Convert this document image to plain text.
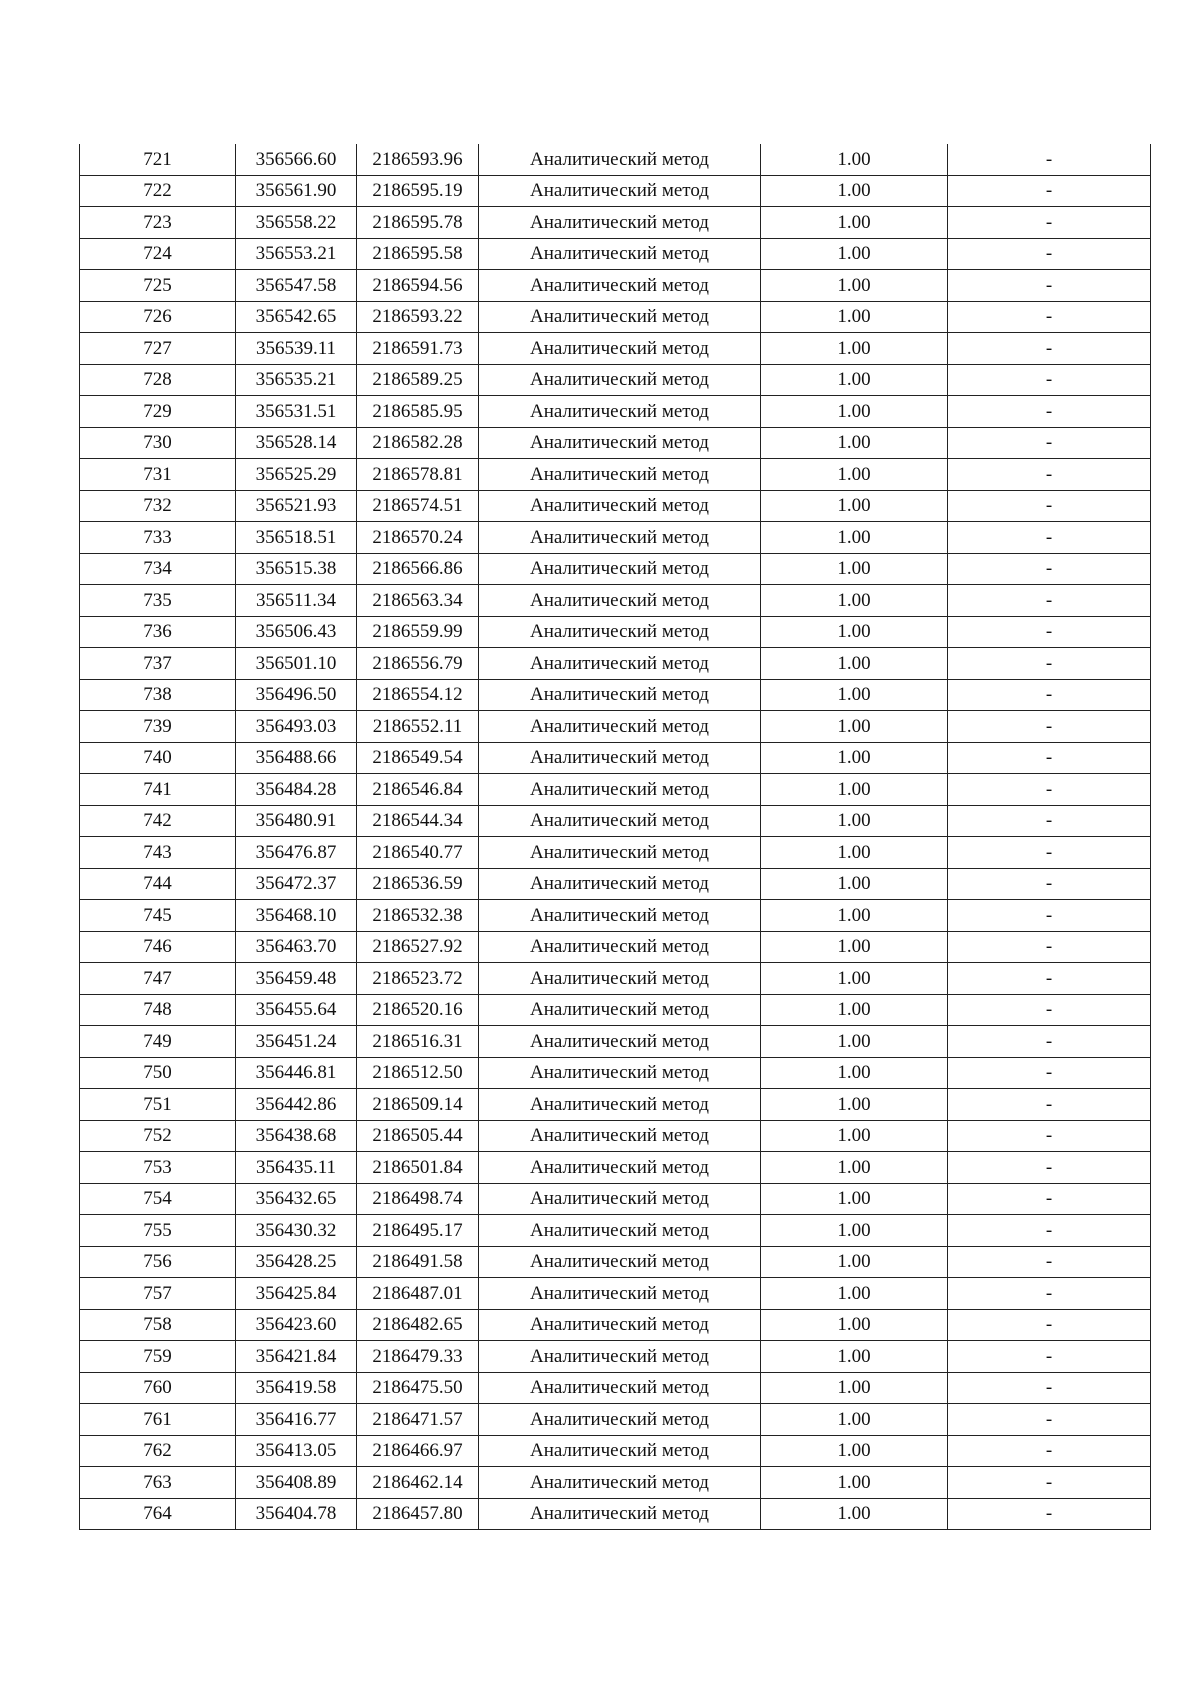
721	356566.60	2186593.96	Аналитический метод	1.00	-
722	356561.90	2186595.19	Аналитический метод	1.00	-
723	356558.22	2186595.78	Аналитический метод	1.00	-
724	356553.21	2186595.58	Аналитический метод	1.00	-
725	356547.58	2186594.56	Аналитический метод	1.00	-
726	356542.65	2186593.22	Аналитический метод	1.00	-
727	356539.11	2186591.73	Аналитический метод	1.00	-
728	356535.21	2186589.25	Аналитический метод	1.00	-
729	356531.51	2186585.95	Аналитический метод	1.00	-
730	356528.14	2186582.28	Аналитический метод	1.00	-
731	356525.29	2186578.81	Аналитический метод	1.00	-
732	356521.93	2186574.51	Аналитический метод	1.00	-
733	356518.51	2186570.24	Аналитический метод	1.00	-
734	356515.38	2186566.86	Аналитический метод	1.00	-
735	356511.34	2186563.34	Аналитический метод	1.00	-
736	356506.43	2186559.99	Аналитический метод	1.00	-
737	356501.10	2186556.79	Аналитический метод	1.00	-
738	356496.50	2186554.12	Аналитический метод	1.00	-
739	356493.03	2186552.11	Аналитический метод	1.00	-
740	356488.66	2186549.54	Аналитический метод	1.00	-
741	356484.28	2186546.84	Аналитический метод	1.00	-
742	356480.91	2186544.34	Аналитический метод	1.00	-
743	356476.87	2186540.77	Аналитический метод	1.00	-
744	356472.37	2186536.59	Аналитический метод	1.00	-
745	356468.10	2186532.38	Аналитический метод	1.00	-
746	356463.70	2186527.92	Аналитический метод	1.00	-
747	356459.48	2186523.72	Аналитический метод	1.00	-
748	356455.64	2186520.16	Аналитический метод	1.00	-
749	356451.24	2186516.31	Аналитический метод	1.00	-
750	356446.81	2186512.50	Аналитический метод	1.00	-
751	356442.86	2186509.14	Аналитический метод	1.00	-
752	356438.68	2186505.44	Аналитический метод	1.00	-
753	356435.11	2186501.84	Аналитический метод	1.00	-
754	356432.65	2186498.74	Аналитический метод	1.00	-
755	356430.32	2186495.17	Аналитический метод	1.00	-
756	356428.25	2186491.58	Аналитический метод	1.00	-
757	356425.84	2186487.01	Аналитический метод	1.00	-
758	356423.60	2186482.65	Аналитический метод	1.00	-
759	356421.84	2186479.33	Аналитический метод	1.00	-
760	356419.58	2186475.50	Аналитический метод	1.00	-
761	356416.77	2186471.57	Аналитический метод	1.00	-
762	356413.05	2186466.97	Аналитический метод	1.00	-
763	356408.89	2186462.14	Аналитический метод	1.00	-
764	356404.78	2186457.80	Аналитический метод	1.00	-
